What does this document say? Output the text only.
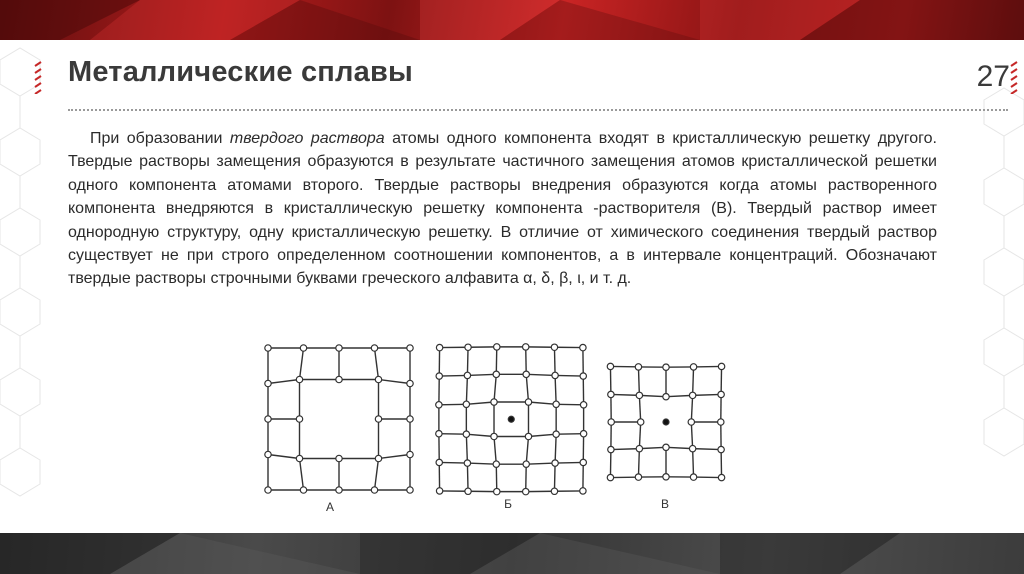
Металлические сплавы	27
При образовании твердого раствора атомы одного компонента входят в кристаллическую решетку другого. Твердые растворы замещения образуются в результате частичного замещения атомов кристаллической решетки одного компонента атомами второго. Твердые растворы внедрения образуются когда атомы растворенного компонента внедряются в кристаллическую решетку компонента -растворителя (В). Твердый раствор имеет однородную структуру, одну кристаллическую решетку. В отличие от химического соединения твердый раствор существует не при строго определенном соотношении компонентов, а в интервале концентраций. Обозначают твердые растворы строчными буквами греческого алфавита α, δ, β, ι, и т. д.
А	Б	В
